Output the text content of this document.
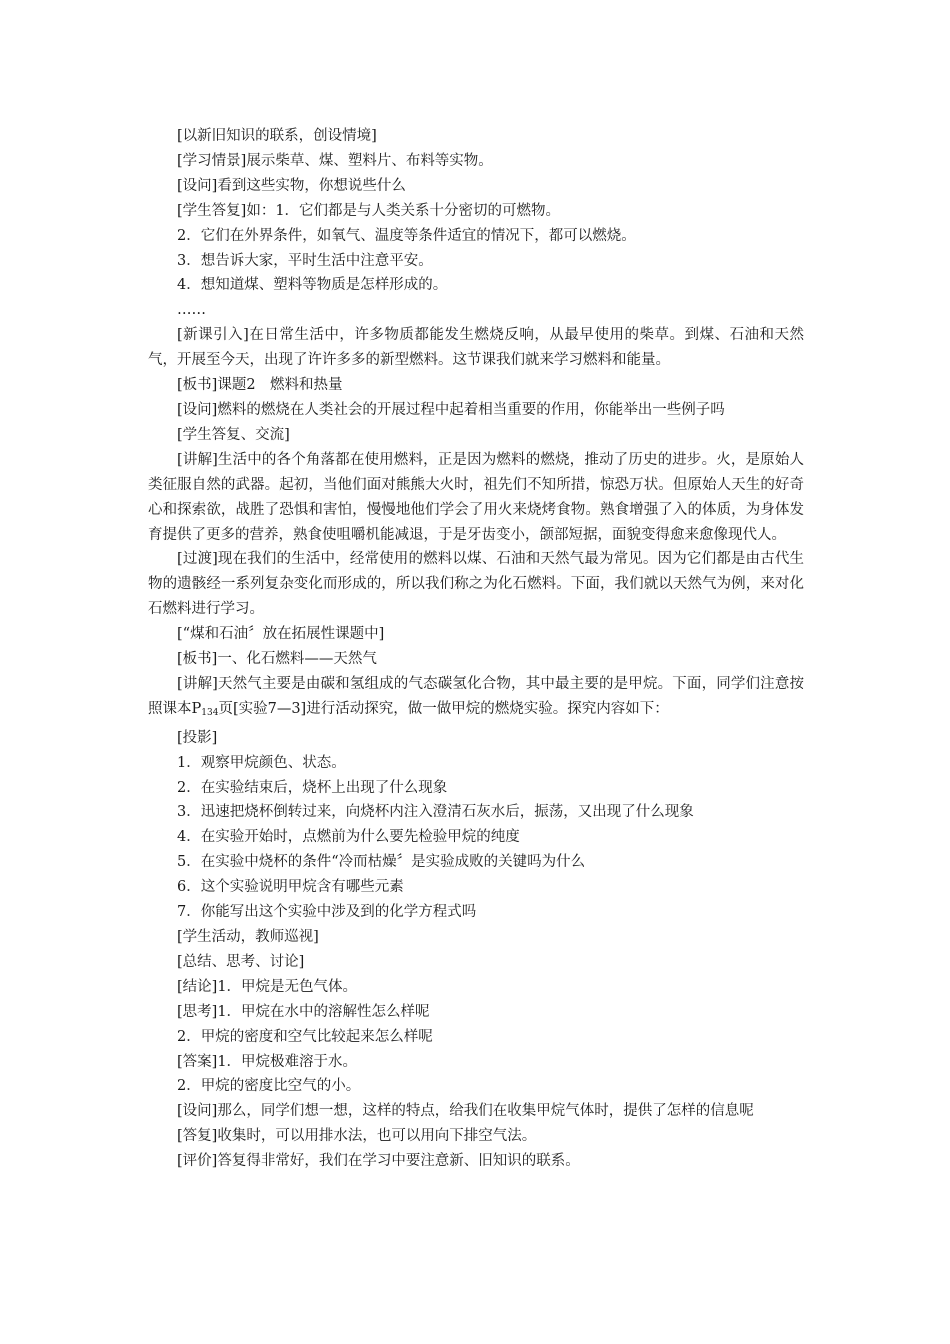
[以新旧知识的联系，创设情境]

[学习情景]展示柴草、煤、塑料片、布料等实物。

[设问]看到这些实物，你想说些什么

[学生答复]如：1．它们都是与人类关系十分密切的可燃物。

2．它们在外界条件，如氧气、温度等条件适宜的情况下，都可以燃烧。

3．想告诉大家，平时生活中注意平安。

4．想知道煤、塑料等物质是怎样形成的。

……

[新课引入]在日常生活中，许多物质都能发生燃烧反响，从最早使用的柴草。到煤、石油和天然气，开展至今天，出现了许许多多的新型燃料。这节课我们就来学习燃料和能量。

[板书]课题2　燃料和热量

[设问]燃料的燃烧在人类社会的开展过程中起着相当重要的作用，你能举出一些例子吗

[学生答复、交流]

[讲解]生活中的各个角落都在使用燃料，正是因为燃料的燃烧，推动了历史的进步。火，是原始人类征服自然的武器。起初，当他们面对熊熊大火时，祖先们不知所措，惊恐万状。但原始人天生的好奇心和探索欲，战胜了恐惧和害怕，慢慢地他们学会了用火来烧烤食物。熟食增强了入的体质，为身体发育提供了更多的营养，熟食使咀嚼机能减退，于是牙齿变小，颌部短据，面貌变得愈来愈像现代人。

[过渡]现在我们的生活中，经常使用的燃料以煤、石油和天然气最为常见。因为它们都是由古代生物的遗骸经一系列复杂变化而形成的，所以我们称之为化石燃料。下面，我们就以天然气为例，来对化石燃料进行学习。

[“煤和石油〞放在拓展性课题中]

[板书]一、化石燃料——天然气

[讲解]天然气主要是由碳和氢组成的气态碳氢化合物，其中最主要的是甲烷。下面，同学们注意按照课本$P_{134}$页[实验7—3]进行活动探究，做一做甲烷的燃烧实验。探究内容如下：

[投影]

1．观察甲烷颜色、状态。

2．在实验结束后，烧杯上出现了什么现象

3．迅速把烧杯倒转过来，向烧杯内注入澄清石灰水后，振荡，又出现了什么现象

4．在实验开始时，点燃前为什么要先检验甲烷的纯度

5．在实验中烧杯的条件“冷而枯燥〞是实验成败的关键吗为什么

6．这个实验说明甲烷含有哪些元素

7．你能写出这个实验中涉及到的化学方程式吗

[学生活动，教师巡视]

[总结、思考、讨论]

[结论]1．甲烷是无色气体。

[思考]1．甲烷在水中的溶解性怎么样呢

2．甲烷的密度和空气比较起来怎么样呢

[答案]1．甲烷极难溶于水。

2．甲烷的密度比空气的小。

[设问]那么，同学们想一想，这样的特点，给我们在收集甲烷气体时，提供了怎样的信息呢

[答复]收集时，可以用排水法，也可以用向下排空气法。

[评价]答复得非常好，我们在学习中要注意新、旧知识的联系。
